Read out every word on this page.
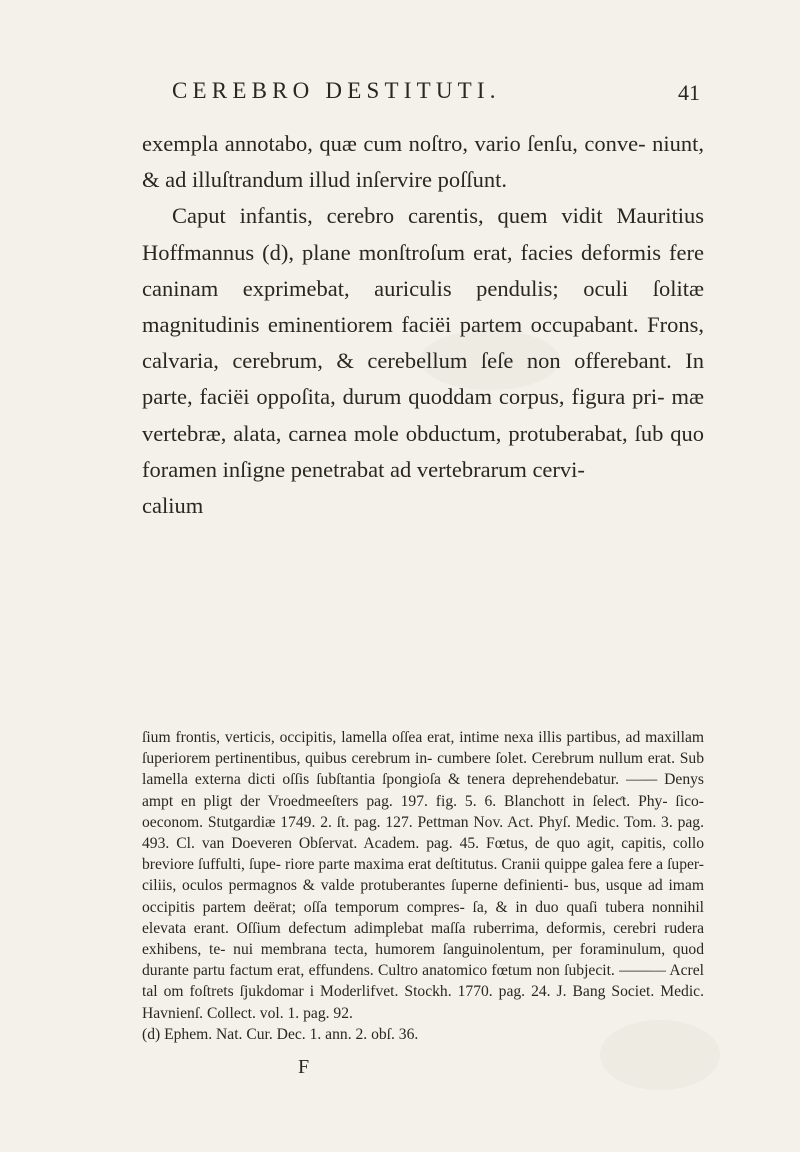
CEREBRO DESTITUTI.	41

exempla annotabo, quæ cum noſtro, vario ſenſu, conve- niunt, & ad illuſtrandum illud inſervire poſſunt.

Caput infantis, cerebro carentis, quem vidit Mauritius Hoffmannus (d), plane monſtroſum erat, facies deformis fere caninam exprimebat, auriculis pendulis; oculi ſolitæ magnitudinis eminentiorem faciëi partem occupabant. Frons, calvaria, cerebrum, & cerebellum ſeſe non offerebant. In parte, faciëi oppoſita, durum quoddam corpus, figura pri- mæ vertebræ, alata, carnea mole obductum, protuberabat, ſub quo foramen inſigne penetrabat ad vertebrarum cervi-

calium

ſium frontis, verticis, occipitis, lamella oſſea erat, intime nexa illis partibus, ad maxillam ſuperiorem pertinentibus, quibus cerebrum in- cumbere ſolet. Cerebrum nullum erat. Sub lamella externa dicti oſſis ſubſtantia ſpongioſa & tenera deprehendebatur. —— Denys ampt en pligt der Vroedmeeſters pag. 197. fig. 5. 6. Blanchott in ſeleƈt. Phy- ſico-oeconom. Stutgardiæ 1749. 2. ſt. pag. 127. Pettman Nov. Act. Phyſ. Medic. Tom. 3. pag. 493. Cl. van Doeveren Obſervat. Academ. pag. 45. Fœtus, de quo agit, capitis, collo breviore ſuffulti, ſupe- riore parte maxima erat deſtitutus. Cranii quippe galea fere a ſuper- ciliis, oculos permagnos & valde protuberantes ſuperne definienti- bus, usque ad imam occipitis partem deërat; oſſa temporum compres- ſa, & in duo quaſi tubera nonnihil elevata erant. Oſſium defectum adimplebat maſſa ruberrima, deformis, cerebri rudera exhibens, te- nui membrana tecta, humorem ſanguinolentum, per foraminulum, quod durante partu factum erat, effundens. Cultro anatomico fœtum non ſubjecit. ——— Acrel tal om foſtrets ſjukdomar i Moderlifvet. Stockh. 1770. pag. 24. J. Bang Societ. Medic. Havnienſ. Collect. vol. 1. pag. 92.

(d) Ephem. Nat. Cur. Dec. 1. ann. 2. obſ. 36.

F
